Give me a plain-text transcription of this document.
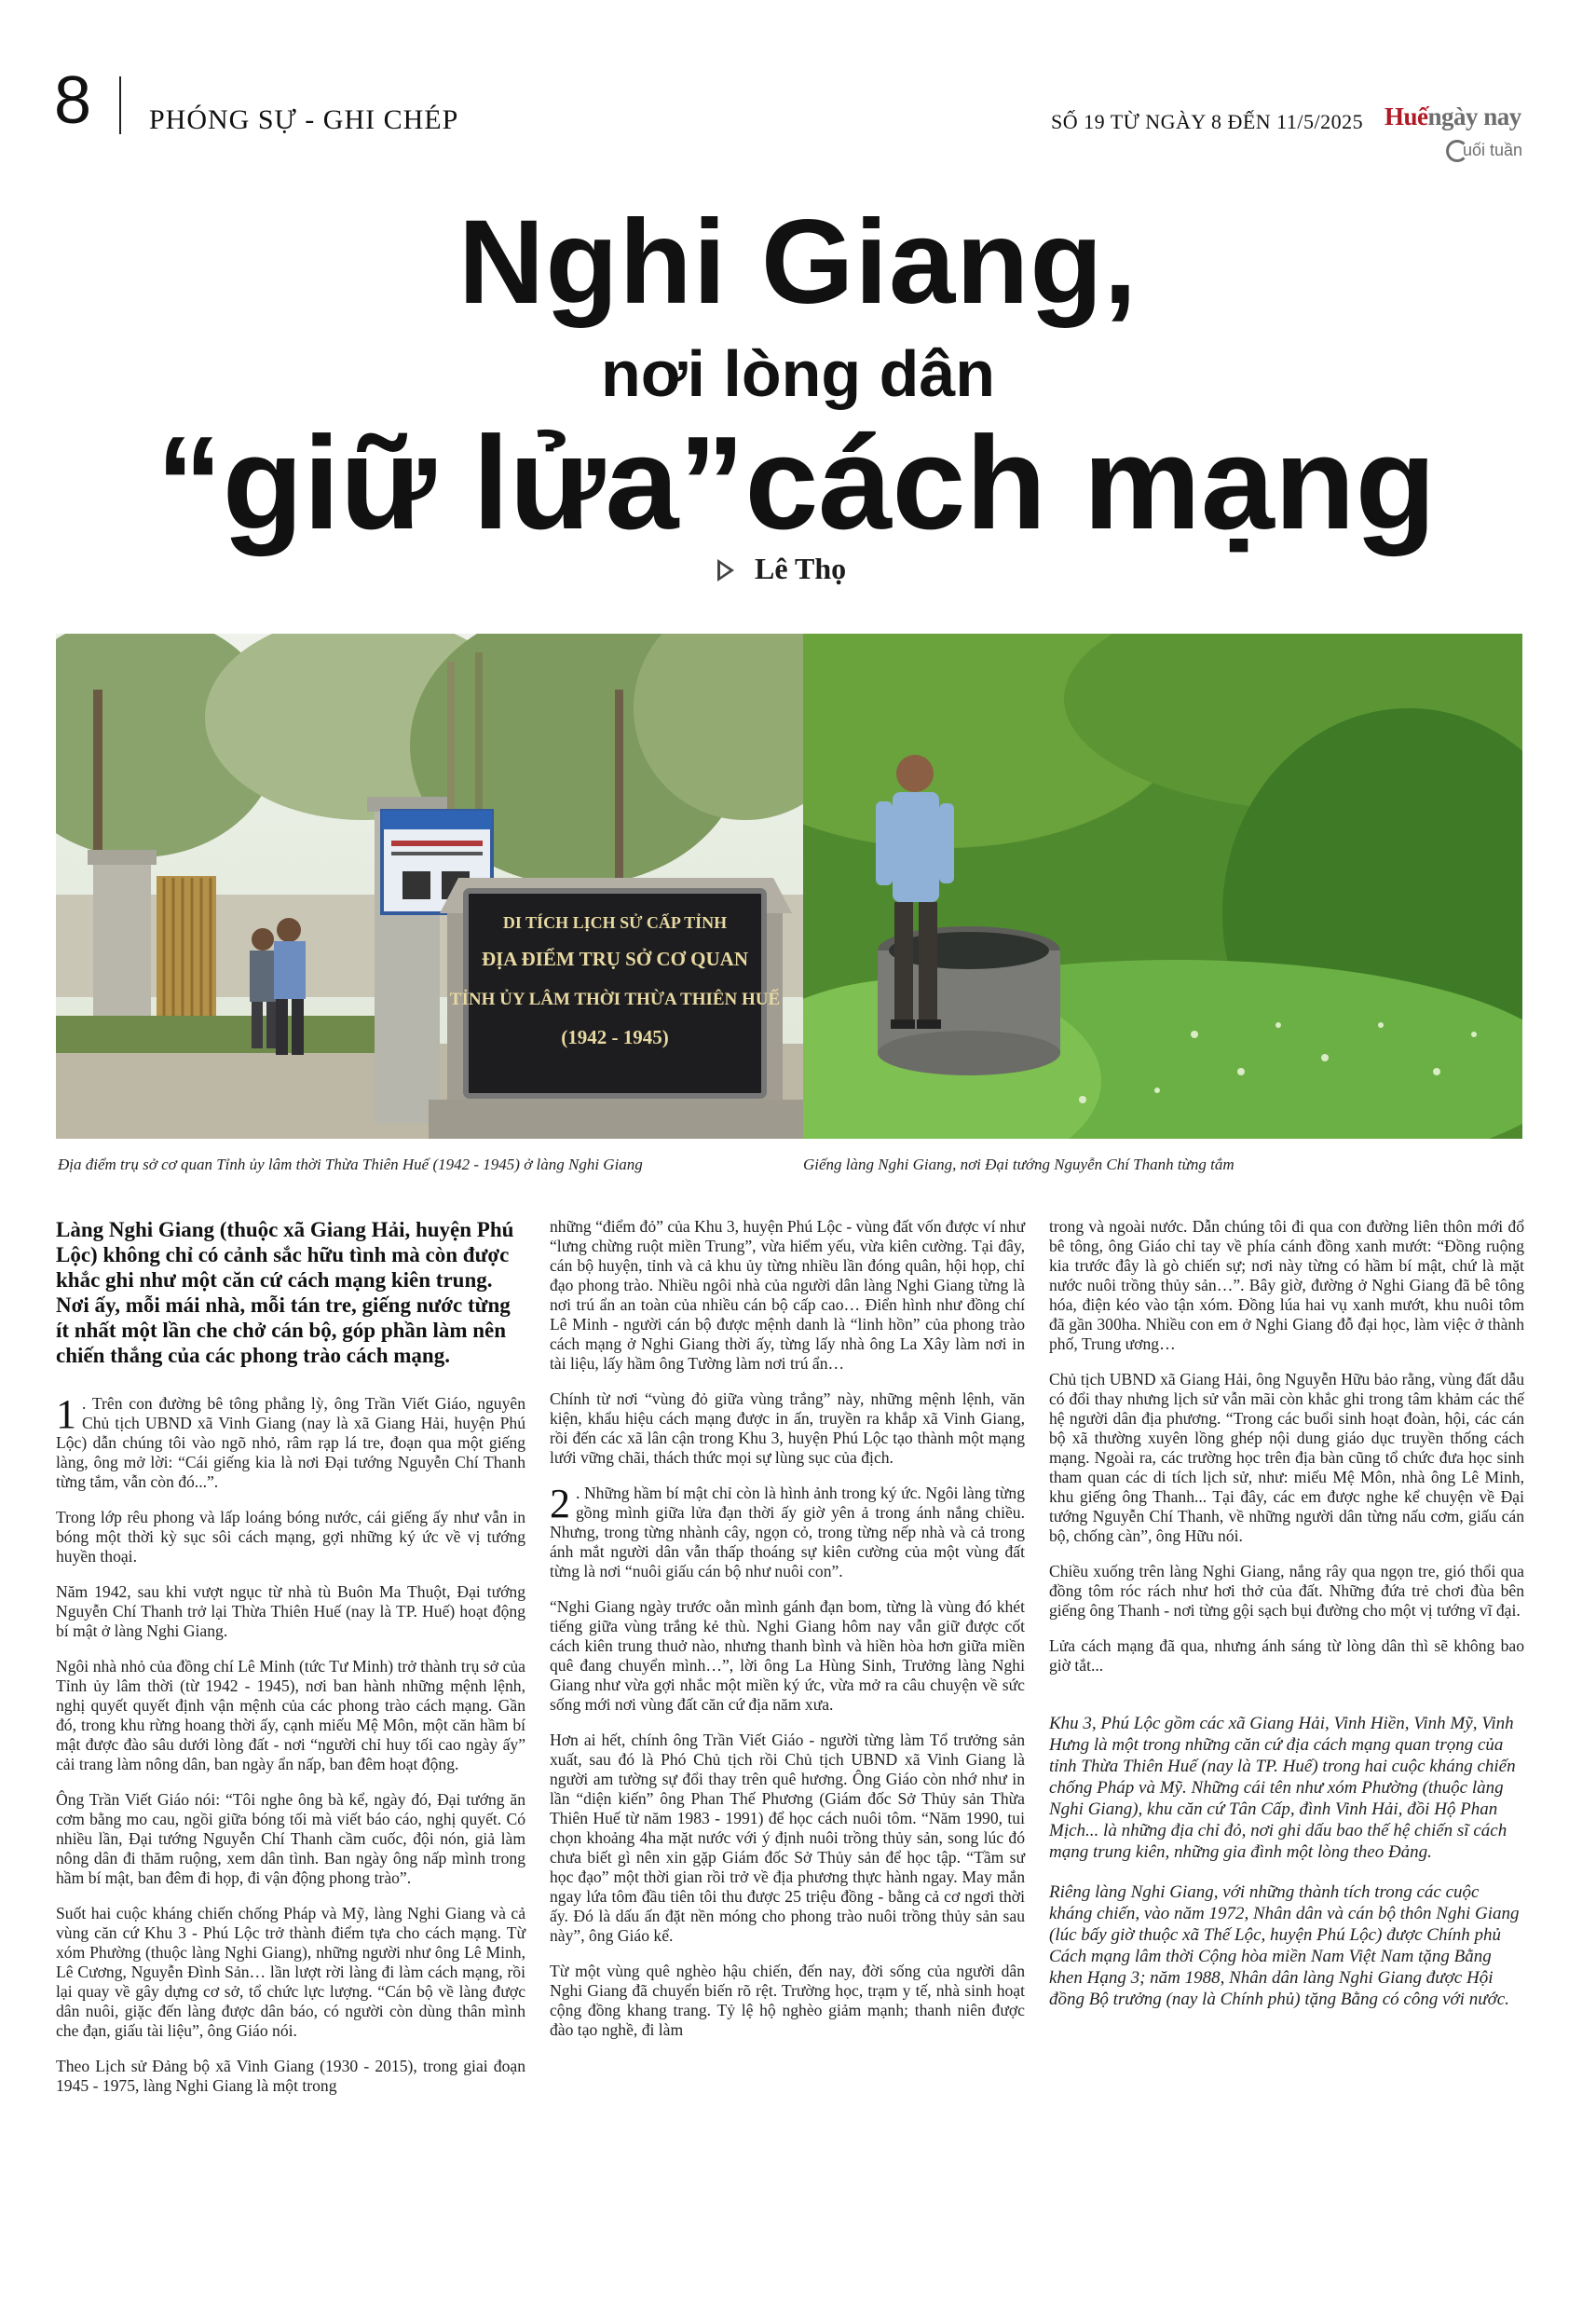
8 PHÓNG SỰ - GHI CHÉP	SỐ 19 TỪ NGÀY 8 ĐẾN 11/5/2025 Huếngày nay
uối tuần
Nghi Giang,
nơi lòng dân
“giữ lửa”cách mạng
Lê Thọ
DI TÍCH LỊCH SỬ CẤP TỈNH
ĐỊA ĐIỂM TRỤ SỞ CƠ QUAN
TỈNH ỦY LÂM THỜI THỪA THIÊN HUẾ
(1942 - 1945)
Địa điểm trụ sở cơ quan Tỉnh ủy lâm thời Thừa Thiên Huế (1942 - 1945) ở làng Nghi Giang	Giếng làng Nghi Giang, nơi Đại tướng Nguyễn Chí Thanh từng tắm

Làng Nghi Giang (thuộc xã Giang Hải, huyện Phú Lộc) không chỉ có cảnh sắc hữu tình mà còn được khắc ghi như một căn cứ cách mạng kiên trung. Nơi ấy, mỗi mái nhà, mỗi tán tre, giếng nước từng ít nhất một lần che chở cán bộ, góp phần làm nên chiến thắng của các phong trào cách mạng.

1 . Trên con đường bê tông phẳng lỳ, ông Trần Viết Giáo, nguyên Chủ tịch UBND xã Vinh Giang (nay là xã Giang Hải, huyện Phú Lộc) dẫn chúng tôi vào ngõ nhỏ, râm rạp lá tre, đoạn qua một giếng làng, ông mở lời: “Cái giếng kia là nơi Đại tướng Nguyễn Chí Thanh từng tắm, vẫn còn đó...”.

Trong lớp rêu phong và lấp loáng bóng nước, cái giếng ấy như vẫn in bóng một thời kỳ sục sôi cách mạng, gợi những ký ức về vị tướng huyền thoại.

Năm 1942, sau khi vượt ngục từ nhà tù Buôn Ma Thuột, Đại tướng Nguyễn Chí Thanh trở lại Thừa Thiên Huế (nay là TP. Huế) hoạt động bí mật ở làng Nghi Giang.

Ngôi nhà nhỏ của đồng chí Lê Minh (tức Tư Minh) trở thành trụ sở của Tỉnh ủy lâm thời (từ 1942 - 1945), nơi ban hành những mệnh lệnh, nghị quyết quyết định vận mệnh của các phong trào cách mạng. Gần đó, trong khu rừng hoang thời ấy, cạnh miếu Mệ Môn, một căn hầm bí mật được đào sâu dưới lòng đất - nơi “người chỉ huy tối cao ngày ấy” cải trang làm nông dân, ban ngày ẩn nấp, ban đêm hoạt động.

Ông Trần Viết Giáo nói: “Tôi nghe ông bà kể, ngày đó, Đại tướng ăn cơm bằng mo cau, ngồi giữa bóng tối mà viết báo cáo, nghị quyết. Có nhiều lần, Đại tướng Nguyễn Chí Thanh cầm cuốc, đội nón, giả làm nông dân đi thăm ruộng, xem dân tình. Ban ngày ông nấp mình trong hầm bí mật, ban đêm đi họp, đi vận động phong trào”.

Suốt hai cuộc kháng chiến chống Pháp và Mỹ, làng Nghi Giang và cả vùng căn cứ Khu 3 - Phú Lộc trở thành điểm tựa cho cách mạng. Từ xóm Phường (thuộc làng Nghi Giang), những người như ông Lê Minh, Lê Cương, Nguyễn Đình Sản… lần lượt rời làng đi làm cách mạng, rồi lại quay về gây dựng cơ sở, tổ chức lực lượng. “Cán bộ về làng được dân nuôi, giặc đến làng được dân báo, có người còn dùng thân mình che đạn, giấu tài liệu”, ông Giáo nói.

Theo Lịch sử Đảng bộ xã Vinh Giang (1930 - 2015), trong giai đoạn 1945 - 1975, làng Nghi Giang là một trong

những “điểm đỏ” của Khu 3, huyện Phú Lộc - vùng đất vốn được ví như “lưng chừng ruột miền Trung”, vừa hiểm yếu, vừa kiên cường. Tại đây, cán bộ huyện, tỉnh và cả khu ủy từng nhiều lần đóng quân, hội họp, chỉ đạo phong trào. Nhiều ngôi nhà của người dân làng Nghi Giang từng là nơi trú ẩn an toàn của nhiều cán bộ cấp cao… Điển hình như đồng chí Lê Minh - người cán bộ được mệnh danh là “linh hồn” của phong trào cách mạng ở Nghi Giang thời ấy, từng lấy nhà ông La Xây làm nơi in tài liệu, lấy hầm ông Tường làm nơi trú ẩn…

Chính từ nơi “vùng đỏ giữa vùng trắng” này, những mệnh lệnh, văn kiện, khẩu hiệu cách mạng được in ấn, truyền ra khắp xã Vinh Giang, rồi đến các xã lân cận trong Khu 3, huyện Phú Lộc tạo thành một mạng lưới vững chãi, thách thức mọi sự lùng sục của địch.

2 . Những hầm bí mật chỉ còn là hình ảnh trong ký ức. Ngôi làng từng gồng mình giữa lửa đạn thời ấy giờ yên ả trong ánh nắng chiều. Nhưng, trong từng nhành cây, ngọn cỏ, trong từng nếp nhà và cả trong ánh mắt người dân vẫn thấp thoáng sự kiên cường của một vùng đất từng là nơi “nuôi giấu cán bộ như nuôi con”.

“Nghi Giang ngày trước oằn mình gánh đạn bom, từng là vùng đó khét tiếng giữa vùng trắng kẻ thù. Nghi Giang hôm nay vẫn giữ được cốt cách kiên trung thuở nào, nhưng thanh bình và hiền hòa hơn giữa miền quê đang chuyển mình…”, lời ông La Hùng Sinh, Trưởng làng Nghi Giang như vừa gợi nhắc một miền ký ức, vừa mở ra câu chuyện về sức sống mới nơi vùng đất căn cứ địa năm xưa.

Hơn ai hết, chính ông Trần Viết Giáo - người từng làm Tổ trưởng sản xuất, sau đó là Phó Chủ tịch rồi Chủ tịch UBND xã Vinh Giang là người am tường sự đổi thay trên quê hương. Ông Giáo còn nhớ như in lần “diện kiến” ông Phan Thế Phương (Giám đốc Sở Thủy sản Thừa Thiên Huế từ năm 1983 - 1991) để học cách nuôi tôm. “Năm 1990, tui chọn khoảng 4ha mặt nước với ý định nuôi trồng thủy sản, song lúc đó chưa biết gì nên xin gặp Giám đốc Sở Thủy sản để học tập. “Tầm sư học đạo” một thời gian rồi trở về địa phương thực hành ngay. May mắn ngay lứa tôm đầu tiên tôi thu được 25 triệu đồng - bằng cả cơ ngơi thời ấy. Đó là dấu ấn đặt nền móng cho phong trào nuôi trồng thủy sản sau này”, ông Giáo kể.

Từ một vùng quê nghèo hậu chiến, đến nay, đời sống của người dân Nghi Giang đã chuyển biến rõ rệt. Trường học, trạm y tế, nhà sinh hoạt cộng đồng khang trang. Tỷ lệ hộ nghèo giảm mạnh; thanh niên được đào tạo nghề, đi làm

trong và ngoài nước. Dẫn chúng tôi đi qua con đường liên thôn mới đổ bê tông, ông Giáo chỉ tay về phía cánh đồng xanh mướt: “Đồng ruộng kia trước đây là gò chiến sự; nơi này từng có hầm bí mật, chứ là mặt nước nuôi trồng thủy sản…”. Bây giờ, đường ở Nghi Giang đã bê tông hóa, điện kéo vào tận xóm. Đồng lúa hai vụ xanh mướt, khu nuôi tôm đã gần 300ha. Nhiều con em ở Nghi Giang đỗ đại học, làm việc ở thành phố, Trung ương…

Chủ tịch UBND xã Giang Hải, ông Nguyễn Hữu bảo rằng, vùng đất dẫu có đổi thay nhưng lịch sử vẫn mãi còn khắc ghi trong tâm khảm các thế hệ người dân địa phương. “Trong các buổi sinh hoạt đoàn, hội, các cán bộ xã thường xuyên lồng ghép nội dung giáo dục truyền thống cách mạng. Ngoài ra, các trường học trên địa bàn cũng tổ chức đưa học sinh tham quan các di tích lịch sử, như: miếu Mệ Môn, nhà ông Lê Minh, khu giếng ông Thanh... Tại đây, các em được nghe kể chuyện về Đại tướng Nguyễn Chí Thanh, về những người dân từng nấu cơm, giấu cán bộ, chống càn”, ông Hữu nói.

Chiều xuống trên làng Nghi Giang, nắng rây qua ngọn tre, gió thổi qua đồng tôm róc rách như hơi thở của đất. Những đứa trẻ chơi đùa bên giếng ông Thanh - nơi từng gội sạch bụi đường cho một vị tướng vĩ đại.

Lửa cách mạng đã qua, nhưng ánh sáng từ lòng dân thì sẽ không bao giờ tắt...

Khu 3, Phú Lộc gồm các xã Giang Hải, Vinh Hiền, Vinh Mỹ, Vinh Hưng là một trong những căn cứ địa cách mạng quan trọng của tỉnh Thừa Thiên Huế (nay là TP. Huế) trong hai cuộc kháng chiến chống Pháp và Mỹ. Những cái tên như xóm Phường (thuộc làng Nghi Giang), khu căn cứ Tân Cấp, đình Vinh Hải, đồi Hộ Phan Mịch... là những địa chỉ đỏ, nơi ghi dấu bao thế hệ chiến sĩ cách mạng trung kiên, những gia đình một lòng theo Đảng.

Riêng làng Nghi Giang, với những thành tích trong các cuộc kháng chiến, vào năm 1972, Nhân dân và cán bộ thôn Nghi Giang (lúc bấy giờ thuộc xã Thế Lộc, huyện Phú Lộc) được Chính phủ Cách mạng lâm thời Cộng hòa miền Nam Việt Nam tặng Bằng khen Hạng 3; năm 1988, Nhân dân làng Nghi Giang được Hội đồng Bộ trưởng (nay là Chính phủ) tặng Bằng có công với nước.
